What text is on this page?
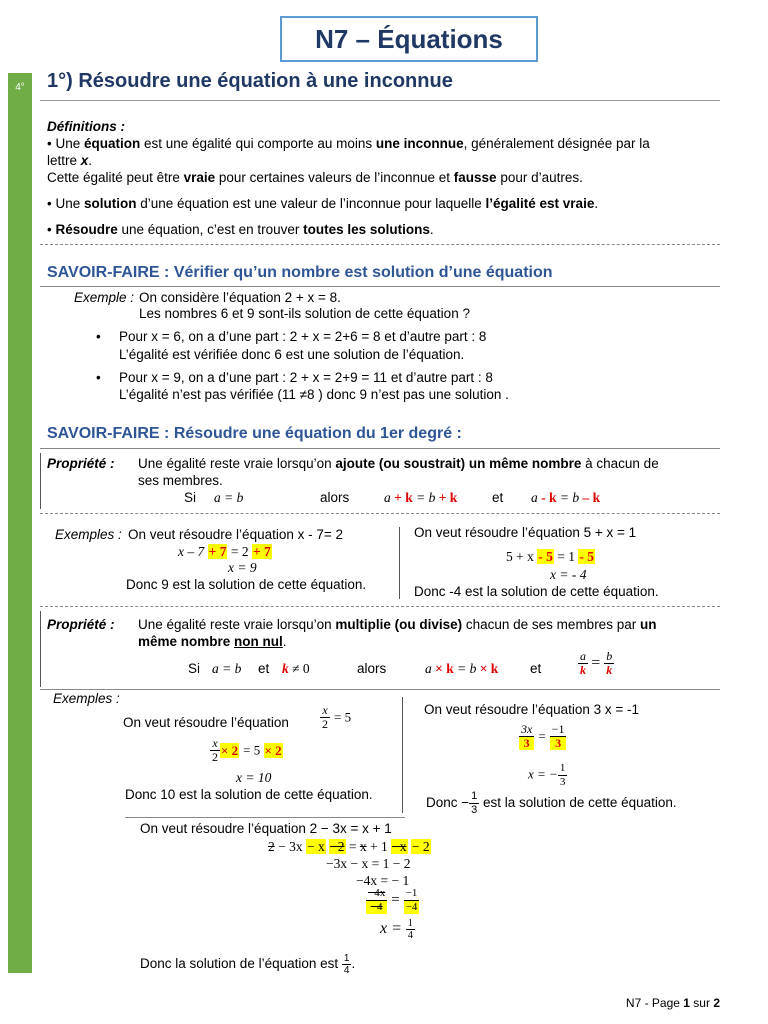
N7 – Équations
4°	1°) Résoudre une équation à une inconnue
Définitions :
• Une équation est une égalité qui comporte au moins une inconnue, généralement désignée par la
lettre x.
Cette égalité peut être vraie pour certaines valeurs de l’inconnue et fausse pour d’autres.
• Une solution d’une équation est une valeur de l’inconnue pour laquelle l’égalité est vraie.
• Résoudre une équation, c’est en trouver toutes les solutions.
SAVOIR-FAIRE : Vérifier qu’un nombre est solution d’une équation
Exemple : On considère l’équation 2 + x = 8.
Les nombres 6 et 9 sont-ils solution de cette équation ?
• Pour x = 6, on a d’une part : 2 + x = 2+6 = 8 et d’autre part : 8
L’égalité est vérifiée donc 6 est une solution de l’équation.
• Pour x = 9, on a d’une part : 2 + x = 2+9 = 11 et d’autre part : 8
L’égalité n’est pas vérifiée (11 ≠8 ) donc 9 n’est pas une solution .
SAVOIR-FAIRE : Résoudre une équation du 1er degré :
Propriété : Une égalité reste vraie lorsqu’on ajoute (ou soustrait) un même nombre à chacun de
ses membres.
Si a = b	alors	a + k = b + k	et a - k = b – k
Exemples : On veut résoudre l’équation x - 7= 2
x – 7 + 7 = 2 + 7
x = 9
Donc 9 est la solution de cette équation.
On veut résoudre l’équation 5 + x = 1
5 + x - 5 = 1 - 5
x = - 4
Donc -4 est la solution de cette équation.
Propriété : Une égalité reste vraie lorsqu’on multiplie (ou divise) chacun de ses membres par un
même nombre non nul.
Si a = b et k ≠ 0	alors	a × k = b × k et	$\frac{a}{k} = \frac{b}{k}$
Exemples :
On veut résoudre l’équation	$\frac{x}{2} = 5$
$\frac{x}{2} \times 2 = 5 \times 2$
x = 10
Donc 10 est la solution de cette équation.
On veut résoudre l’équation 3 x = -1
$\frac{3x}{3} = \frac{-1}{3}$
x = − $\frac{1}{3}$
Donc − $\frac{1}{3}$ est la solution de cette équation.
On veut résoudre l’équation 2 − 3x = x + 1
2 − 3x − x −2 = x + 1 −x − 2
−3x − x = 1 − 2
−4x = − 1
$\frac{-4x}{-4} = \frac{-1}{-4}$
$x = \frac{1}{4}$
Donc la solution de l’équation est $\frac{1}{4}$ .
N7 - Page 1 sur 2
